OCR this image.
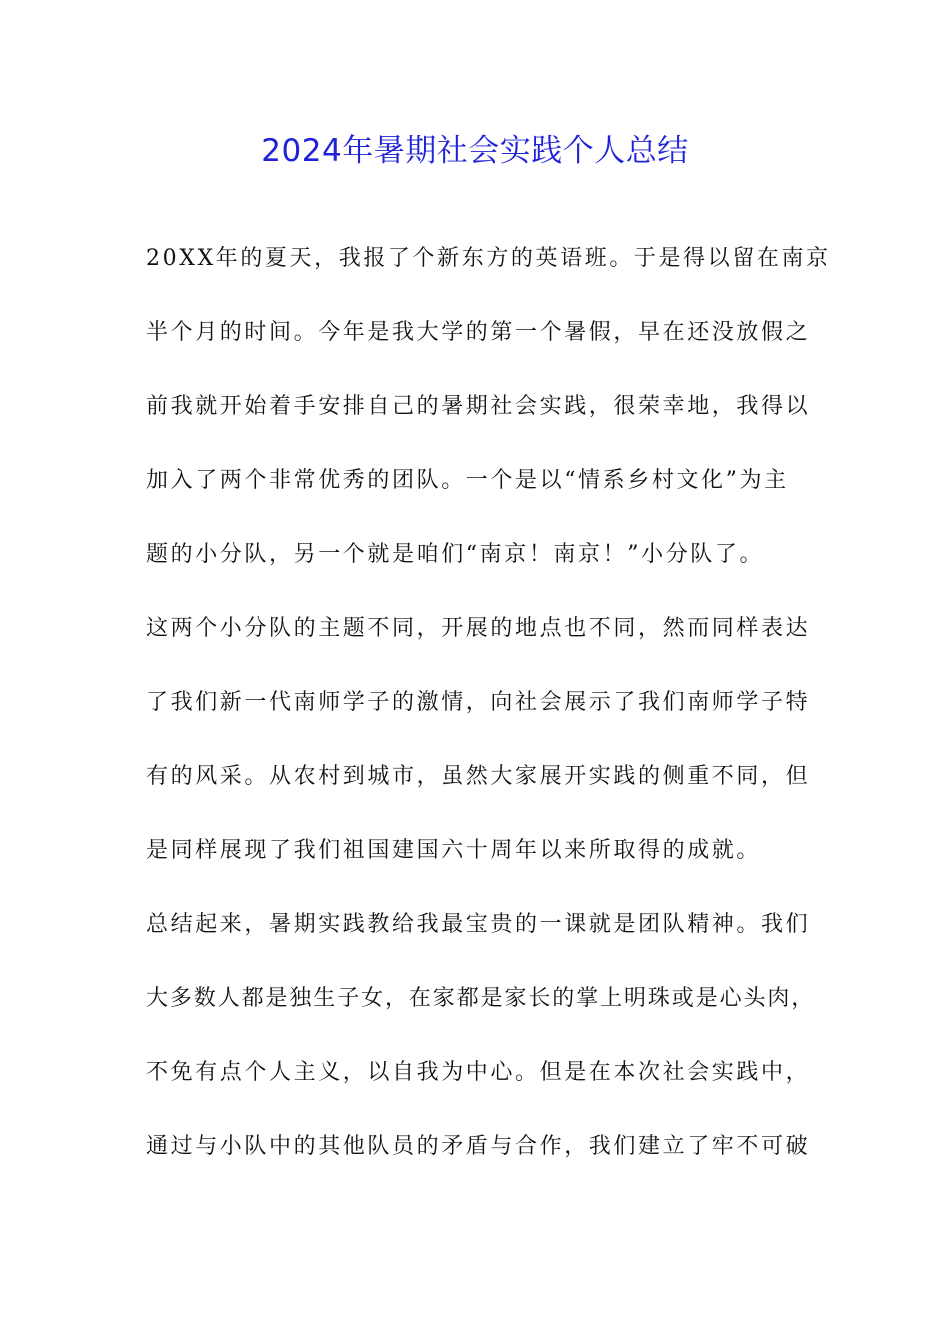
2024年暑期社会实践个人总结
20XX年的夏天，我报了个新东方的英语班。于是得以留在南京
半个月的时间。今年是我大学的第一个暑假，早在还没放假之
前我就开始着手安排自己的暑期社会实践，很荣幸地，我得以
加入了两个非常优秀的团队。一个是以“情系乡村文化”为主
题的小分队，另一个就是咱们“南京！南京！”小分队了。
这两个小分队的主题不同，开展的地点也不同，然而同样表达
了我们新一代南师学子的激情，向社会展示了我们南师学子特
有的风采。从农村到城市，虽然大家展开实践的侧重不同，但
是同样展现了我们祖国建国六十周年以来所取得的成就。
总结起来，暑期实践教给我最宝贵的一课就是团队精神。我们
大多数人都是独生子女，在家都是家长的掌上明珠或是心头肉，
不免有点个人主义，以自我为中心。但是在本次社会实践中，
通过与小队中的其他队员的矛盾与合作，我们建立了牢不可破
